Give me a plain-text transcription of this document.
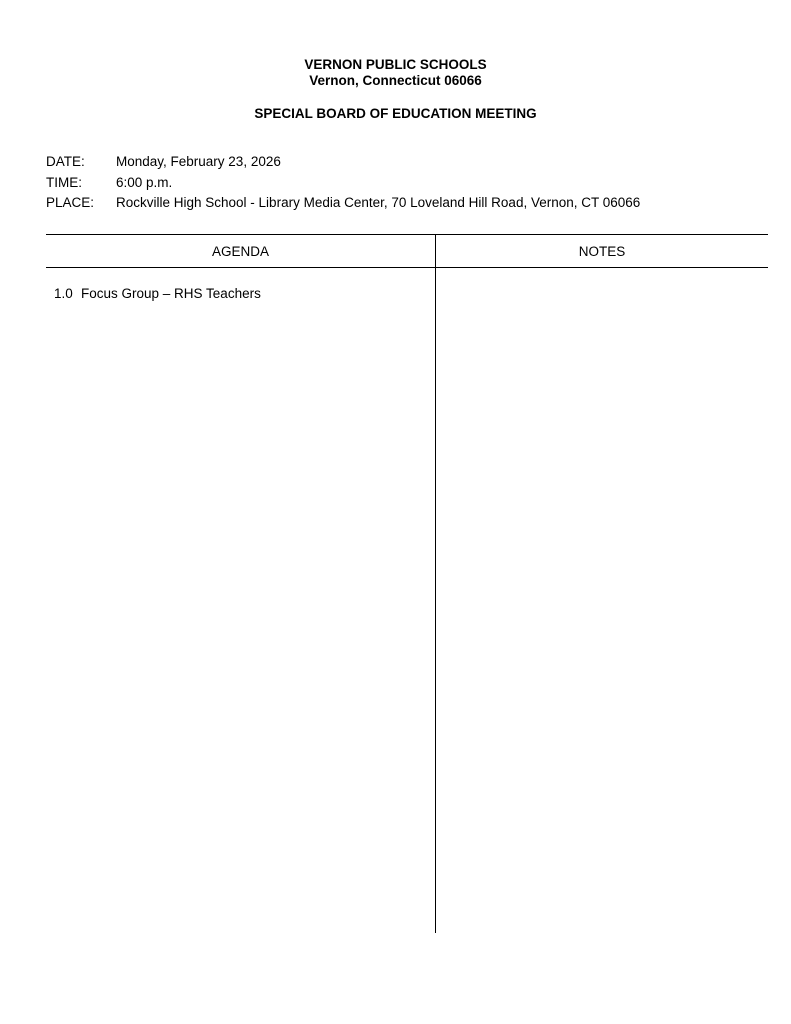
VERNON PUBLIC SCHOOLS
Vernon, Connecticut 06066
SPECIAL BOARD OF EDUCATION MEETING
DATE: Monday, February 23, 2026
TIME:	6:00 p.m.
PLACE: Rockville High School - Library Media Center, 70 Loveland Hill Road, Vernon, CT 06066
AGENDA	NOTES
1.0 Focus Group – RHS Teachers
